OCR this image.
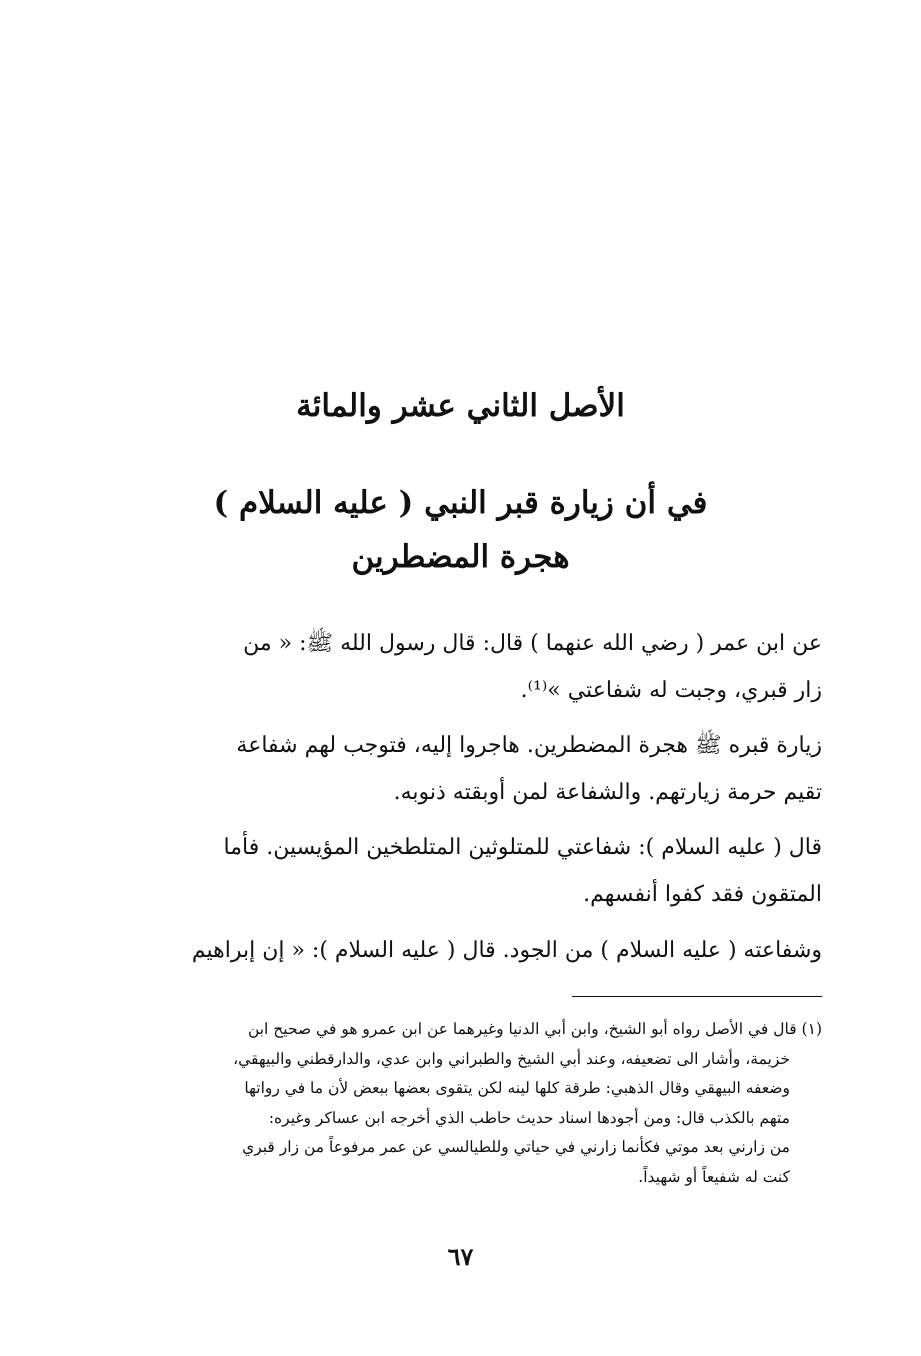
الأصل الثاني عشر والمائة
في أن زيارة قبر النبي ( عليه السلام )
هجرة المضطرين
عن ابن عمر ( رضي الله عنهما ) قال: قال رسول الله ﷺ: « من
زار قبري، وجبت له شفاعتي »⁽¹⁾.
زيارة قبره ﷺ هجرة المضطرين. هاجروا إليه، فتوجب لهم شفاعة
تقيم حرمة زيارتهم. والشفاعة لمن أوبقته ذنوبه.
قال ( عليه السلام ): شفاعتي للمتلوثين المتلطخين المؤيسين. فأما
المتقون فقد كفوا أنفسهم.
وشفاعته ( عليه السلام ) من الجود. قال ( عليه السلام ): « إن إبراهيم
(١) قال في الأصل رواه أبو الشيخ، وابن أبي الدنيا وغيرهما عن ابن عمرو هو في صحيح ابن
خزيمة، وأشار الى تضعيفه، وعند أبي الشيخ والطبراني وابن عدي، والدارقطني والبيهقي،
وضعفه البيهقي وقال الذهبي: طرقة كلها لينه لكن يتقوى بعضها ببعض لأن ما في رواتها
متهم بالكذب قال: ومن أجودها اسناد حديث حاطب الذي أخرجه ابن عساكر وغيره:
من زارني بعد موتي فكأنما زارني في حياتي وللطيالسي عن عمر مرفوعاً من زار قبري
كنت له شفيعاً أو شهيداً.
٦٧
